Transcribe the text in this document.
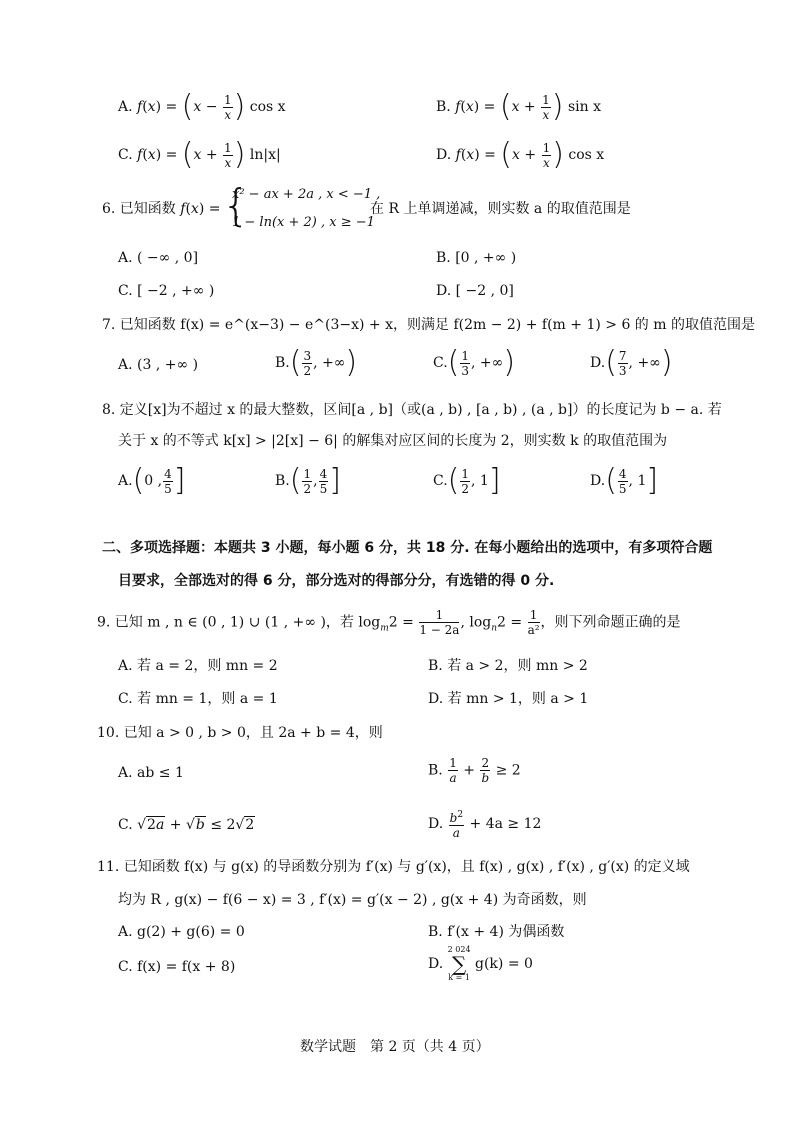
A. $f(x) = (x - \frac{1}{x}$ ) cos x	B. $f(x) = (x + \frac{1}{x}$ ) sin x
C. $f(x) = (x + \frac{1}{x}$ ) ln|x|	D. $f(x) = (x + \frac{1}{x}$ ) cos x
6. 已知函数 f(x) = {
x² − ax + 2a , x < −1 ,
1 − ln(x + 2) , x ≥ −1
在 R 上单调递减，则实数 a 的取值范围是
A. ( −∞ , 0]	B. [0 , +∞ )
C. [ −2 , +∞ )	D. [ −2 , 0]
7. 已知函数 f(x) = e^(x−3) − e^(3−x) + x，则满足 f(2m − 2) + f(m + 1) > 6 的 m 的取值范围是
A. (3 , +∞ )	$B.( \frac{3}{2}$ , +∞)	$C.( \frac{1}{3}$ , +∞)	$D.( \frac{7}{3}$ , +∞)
8. 定义[x]为不超过 x 的最大整数，区间[a , b]（或(a , b) , [a , b) , (a , b]）的长度记为 b − a. 若
关于 x 的不等式 k[x] > |2[x] − 6| 的解集对应区间的长度为 2，则实数 k 的取值范围为
A.(0 , $\frac{4}{5}$ ]	$B.( \frac{1}{2}$ , $\frac{4}{5}$ ]	$C.( \frac{1}{2}$ , 1]	$D.( \frac{4}{5}$ , 1]
二、多项选择题：本题共 3 小题，每小题 6 分，共 18 分. 在每小题给出的选项中，有多项符合题
目要求，全部选对的得 6 分，部分选对的得部分分，有选错的得 0 分.
9. 已知 m , n ∈ (0 , 1) ∪ (1 , +∞ )，若 $\log_m2 = \frac{1}{1 - 2a}$ , $\log_n2 = \frac{1}{\text{a²}}$ ，则下列命题正确的是
A. 若 a = 2，则 mn = 2	B. 若 a > 2，则 mn > 2
C. 若 mn = 1，则 a = 1	D. 若 mn > 1，则 a > 1
10. 已知 a > 0 , b > 0，且 2a + b = 4，则
A. ab ≤ 1	B. $\frac{1}{a} + \frac{2}{b} \ge 2$
C. √2a + √b ≤ 2√2	D. $\frac{b^2}{a} + 4a \ge 12$
11. 已知函数 f(x) 与 g(x) 的导函数分别为 f′(x) 与 g′(x)，且 f(x) , g(x) , f′(x) , g′(x) 的定义域
均为 R , g(x) − f(6 − x) = 3 , f′(x) = g′(x − 2) , g(x + 4) 为奇函数，则
A. g(2) + g(6) = 0	B. f′(x + 4) 为偶函数
C. f(x) = f(x + 8)	D.
2 024
∑
k = 1
g(k) = 0
数学试题　第 2 页（共 4 页）
